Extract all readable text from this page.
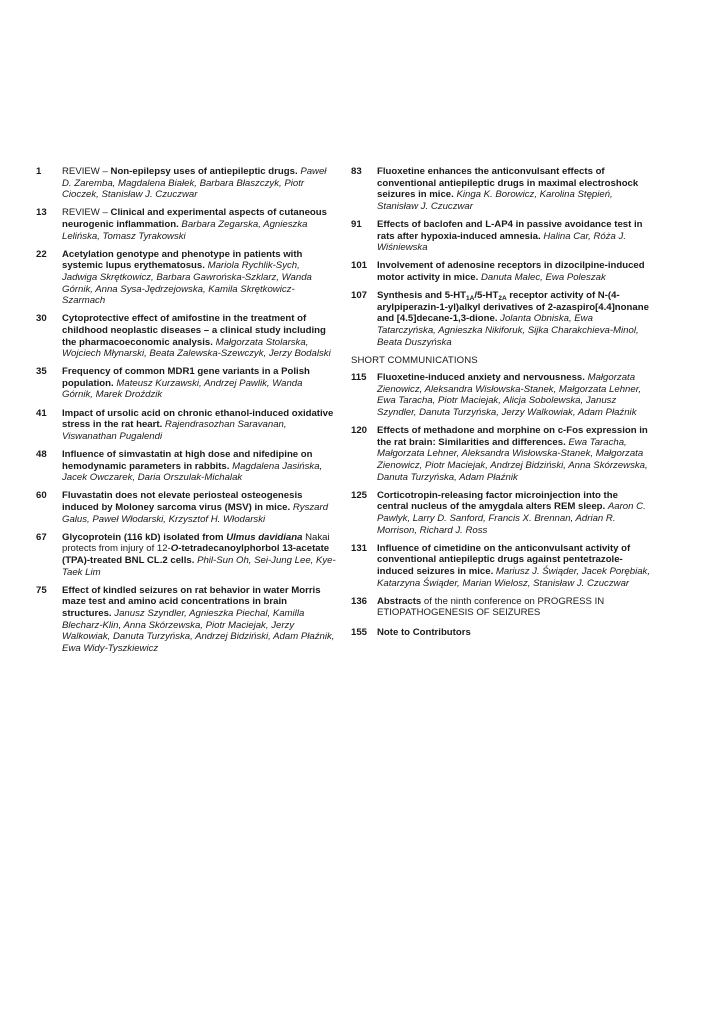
1	REVIEW – Non-epilepsy uses of antiepileptic drugs. Paweł D. Zaremba, Magdalena Białek, Barbara Błaszczyk, Piotr Cioczek, Stanisław J. Czuczwar
13	REVIEW – Clinical and experimental aspects of cutaneous neurogenic inflammation. Barbara Zegarska, Agnieszka Lelińska, Tomasz Tyrakowski
22	Acetylation genotype and phenotype in patients with systemic lupus erythematosus. Mariola Rychlik-Sych, Jadwiga Skrętkowicz, Barbara Gawrońska-Szklarz, Wanda Górnik, Anna Sysa-Jędrzejowska, Kamila Skrętkowicz-Szarmach
30	Cytoprotective effect of amifostine in the treatment of childhood neoplastic diseases – a clinical study including the pharmacoeconomic analysis. Małgorzata Stolarska, Wojciech Młynarski, Beata Zalewska-Szewczyk, Jerzy Bodalski
35	Frequency of common MDR1 gene variants in a Polish population. Mateusz Kurzawski, Andrzej Pawlik, Wanda Górnik, Marek Droździk
41	Impact of ursolic acid on chronic ethanol-induced oxidative stress in the rat heart. Rajendrasozhan Saravanan, Viswanathan Pugalendi
48	Influence of simvastatin at high dose and nifedipine on hemodynamic parameters in rabbits. Magdalena Jasińska, Jacek Owczarek, Daria Orszulak-Michalak
60	Fluvastatin does not elevate periosteal osteogenesis induced by Moloney sarcoma virus (MSV) in mice. Ryszard Galus, Paweł Włodarski, Krzysztof H. Włodarski
67	Glycoprotein (116 kD) isolated from Ulmus davidiana Nakai protects from injury of 12-O-tetradecanoylphorbol 13-acetate (TPA)-treated BNL CL.2 cells. Phil-Sun Oh, Sei-Jung Lee, Kye-Taek Lim
75	Effect of kindled seizures on rat behavior in water Morris maze test and amino acid concentrations in brain structures. Janusz Szyndler, Agnieszka Piechal, Kamilla Blecharz-Klin, Anna Skórzewska, Piotr Maciejak, Jerzy Walkowiak, Danuta Turzyńska, Andrzej Bidziński, Adam Płaźnik, Ewa Widy-Tyszkiewicz
83	Fluoxetine enhances the anticonvulsant effects of conventional antiepileptic drugs in maximal electroshock seizures in mice. Kinga K. Borowicz, Karolina Stępień, Stanisław J. Czuczwar
91	Effects of baclofen and L-AP4 in passive avoidance test in rats after hypoxia-induced amnesia. Halina Car, Róża J. Wiśniewska
101	Involvement of adenosine receptors in dizocilpine-induced motor activity in mice. Danuta Malec, Ewa Poleszak
107	Synthesis and $5-HT_{1A}/5-HT_{2A}$ receptor activity of N-(4-arylpiperazin-1-yl)alkyl derivatives of 2-azaspiro[4.4]nonane and [4.5]decane-1,3-dione. Jolanta Obniska, Ewa Tatarczyńska, Agnieszka Nikiforuk, Sijka Charakchieva-Minol, Beata Duszyńska
SHORT COMMUNICATIONS
115	Fluoxetine-induced anxiety and nervousness. Małgorzata Zienowicz, Aleksandra Wisłowska-Stanek, Małgorzata Lehner, Ewa Taracha, Piotr Maciejak, Alicja Sobolewska, Janusz Szyndler, Danuta Turzyńska, Jerzy Walkowiak, Adam Płaźnik
120	Effects of methadone and morphine on c-Fos expression in the rat brain: Similarities and differences. Ewa Taracha, Małgorzata Lehner, Aleksandra Wisłowska-Stanek, Małgorzata Zienowicz, Piotr Maciejak, Andrzej Bidziński, Anna Skórzewska, Danuta Turzyńska, Adam Płaźnik
125	Corticotropin-releasing factor microinjection into the central nucleus of the amygdala alters REM sleep. Aaron C. Pawlyk, Larry D. Sanford, Francis X. Brennan, Adrian R. Morrison, Richard J. Ross
131	Influence of cimetidine on the anticonvulsant activity of conventional antiepileptic drugs against pentetrazole-induced seizures in mice. Mariusz J. Świąder, Jacek Porębiak, Katarzyna Świąder, Marian Wielosz, Stanisław J. Czuczwar
136	Abstracts of the ninth conference on PROGRESS IN ETIOPATHOGENESIS OF SEIZURES
155	Note to Contributors
